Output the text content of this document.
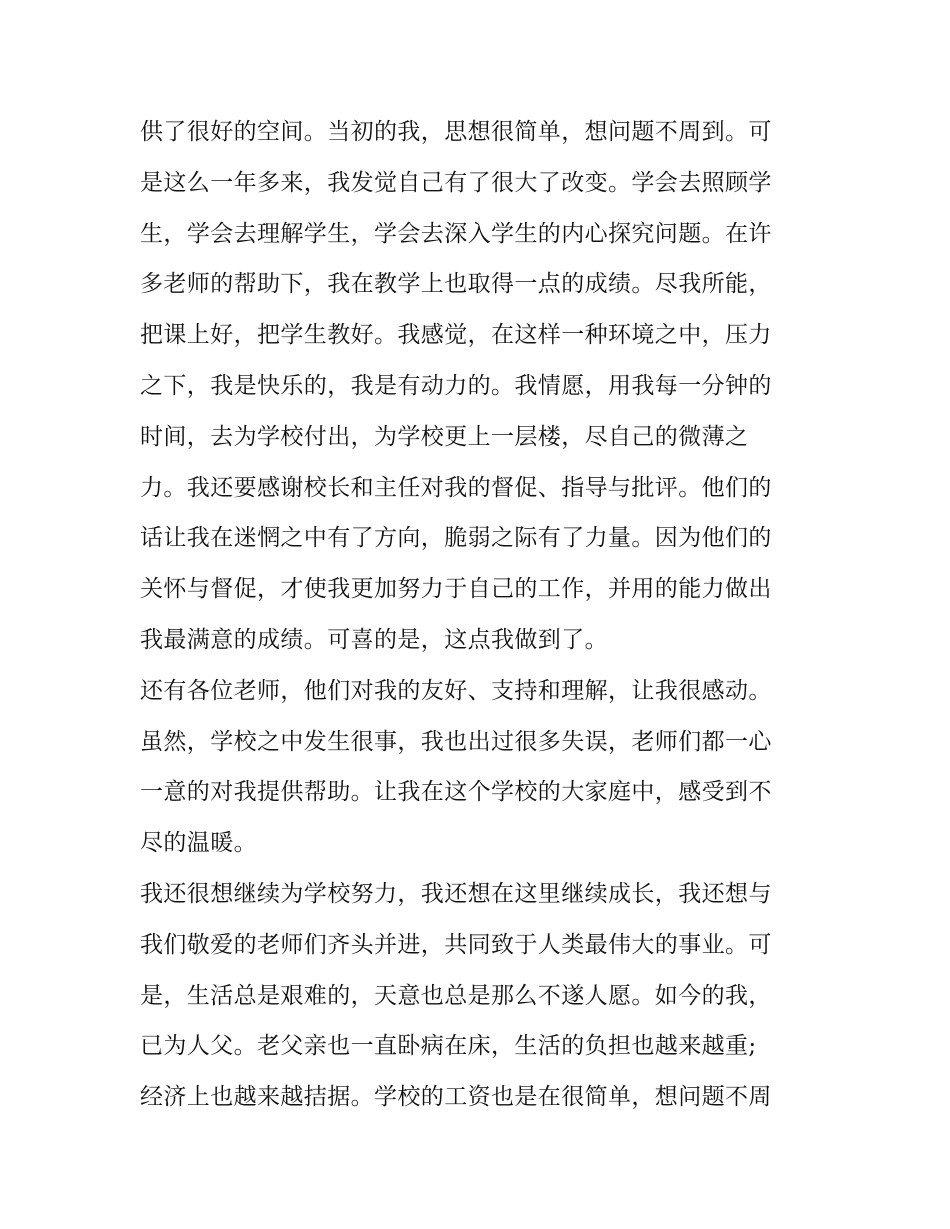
供了很好的空间。当初的我，思想很简单，想问题不周到。可
是这么一年多来，我发觉自己有了很大了改变。学会去照顾学
生，学会去理解学生，学会去深入学生的内心探究问题。在许
多老师的帮助下，我在教学上也取得一点的成绩。尽我所能，
把课上好，把学生教好。我感觉，在这样一种环境之中，压力
之下，我是快乐的，我是有动力的。我情愿，用我每一分钟的
时间，去为学校付出，为学校更上一层楼，尽自己的微薄之
力。我还要感谢校长和主任对我的督促、指导与批评。他们的
话让我在迷惘之中有了方向，脆弱之际有了力量。因为他们的
关怀与督促，才使我更加努力于自己的工作，并用的能力做出
我最满意的成绩。可喜的是，这点我做到了。
还有各位老师，他们对我的友好、支持和理解，让我很感动。
虽然，学校之中发生很事，我也出过很多失误，老师们都一心
一意的对我提供帮助。让我在这个学校的大家庭中，感受到不
尽的温暖。
我还很想继续为学校努力，我还想在这里继续成长，我还想与
我们敬爱的老师们齐头并进，共同致于人类最伟大的事业。可
是，生活总是艰难的，天意也总是那么不遂人愿。如今的我，
已为人父。老父亲也一直卧病在床，生活的负担也越来越重;
经济上也越来越拮据。学校的工资也是在很简单，想问题不周
